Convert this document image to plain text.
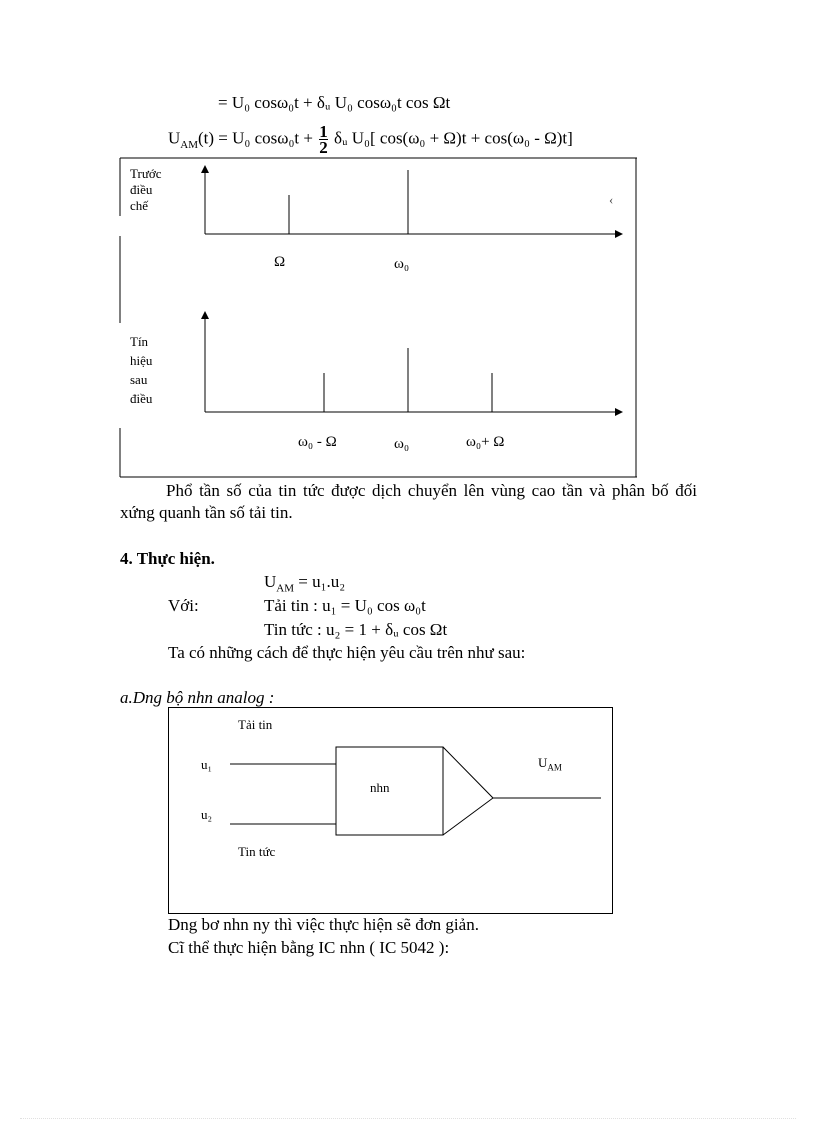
= U₀ cosω₀t + δᵤ U₀ cosω₀t cos Ωt
$U_{AM}(t) = U_0$ $\cos\omega_0t + \frac{1}{2}$ δᵤ U₀[ cos(ω₀ + Ω)t + cos(ω₀ - Ω)t]
Trước
điều
chế
Ω	ω₀
‹
Tín
hiệu
sau
điều
ω₀ - Ω	ω₀	ω₀+ Ω
Phổ tần số của tin tức được dịch chuyển lên vùng cao tần và phân bố đối xứng quanh tần số tải tin.
4. Thực hiện.
$U_{AM} = u_1.u_2$
Với:	Tải tin : u₁ = U₀ cos ω₀t
Tin tức : u₂ = 1 + δᵤ cos Ωt
Ta có những cách để thực hiện yêu cầu trên như sau:
a.Dng bộ nhn analog :
Tải tin
u₁
u₂
nhn
$U_{AM}$
Tin tức
Dng bơ nhn ny thì việc thực hiện sẽ đơn giản.
Cĩ thể thực hiện bằng IC nhn ( IC 5042 ):
